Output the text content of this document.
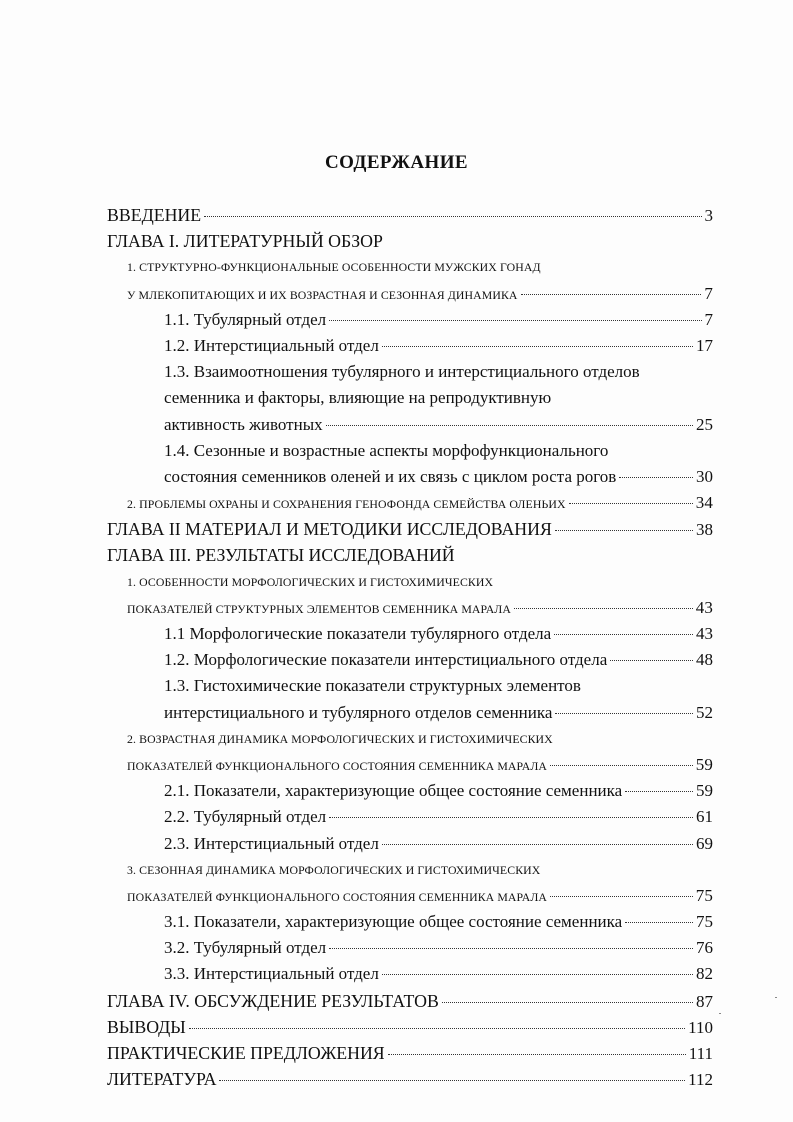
СОДЕРЖАНИЕ
ВВЕДЕНИЕ	3
ГЛАВА I. ЛИТЕРАТУРНЫЙ ОБЗОР
1. СТРУКТУРНО-ФУНКЦИОНАЛЬНЫЕ ОСОБЕННОСТИ МУЖСКИХ ГОНАД
У МЛЕКОПИТАЮЩИХ И ИХ ВОЗРАСТНАЯ И СЕЗОННАЯ ДИНАМИКА	7
1.1. Тубулярный отдел	7
1.2. Интерстициальный отдел	17
1.3. Взаимоотношения тубулярного и интерстициального отделов
семенника и факторы, влияющие на репродуктивную
активность животных	25
1.4. Сезонные и возрастные аспекты морфофункционального
состояния семенников оленей и их связь с циклом роста рогов	30
2. ПРОБЛЕМЫ ОХРАНЫ И СОХРАНЕНИЯ ГЕНОФОНДА СЕМЕЙСТВА ОЛЕНЬИХ	34
ГЛАВА II МАТЕРИАЛ И МЕТОДИКИ ИССЛЕДОВАНИЯ	38
ГЛАВА III. РЕЗУЛЬТАТЫ ИССЛЕДОВАНИЙ
1. ОСОБЕННОСТИ МОРФОЛОГИЧЕСКИХ И ГИСТОХИМИЧЕСКИХ
ПОКАЗАТЕЛЕЙ СТРУКТУРНЫХ ЭЛЕМЕНТОВ СЕМЕННИКА МАРАЛА	43
1.1 Морфологические показатели тубулярного отдела	43
1.2. Морфологические показатели интерстициального отдела	48
1.3. Гистохимические показатели структурных элементов
интерстициального и тубулярного отделов семенника	52
2. ВОЗРАСТНАЯ ДИНАМИКА МОРФОЛОГИЧЕСКИХ И ГИСТОХИМИЧЕСКИХ
ПОКАЗАТЕЛЕЙ ФУНКЦИОНАЛЬНОГО СОСТОЯНИЯ СЕМЕННИКА МАРАЛА	59
2.1. Показатели, характеризующие общее состояние семенника	59
2.2. Тубулярный отдел	61
2.3. Интерстициальный отдел	69
3. СЕЗОННАЯ ДИНАМИКА МОРФОЛОГИЧЕСКИХ И ГИСТОХИМИЧЕСКИХ
ПОКАЗАТЕЛЕЙ ФУНКЦИОНАЛЬНОГО СОСТОЯНИЯ СЕМЕННИКА МАРАЛА	75
3.1. Показатели, характеризующие общее состояние семенника	75
3.2. Тубулярный отдел	76
3.3. Интерстициальный отдел	82
ГЛАВА IV. ОБСУЖДЕНИЕ РЕЗУЛЬТАТОВ	87
ВЫВОДЫ	110
ПРАКТИЧЕСКИЕ ПРЕДЛОЖЕНИЯ	111
ЛИТЕРАТУРА	112
